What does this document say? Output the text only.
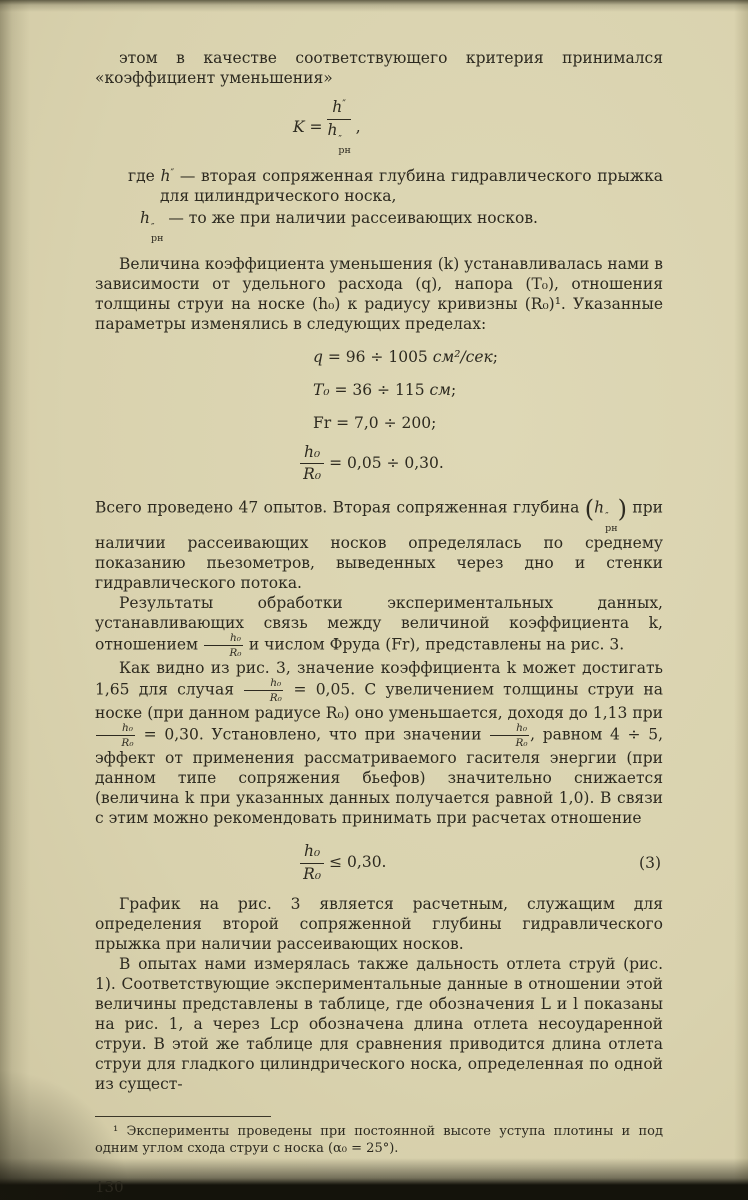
этом в качестве соответствующего критерия принимался «коэффициент уменьшения»

K = h″
h
″
рн ,

где h″ — вторая сопряженная глубина гидравлического прыжка для цилиндрического носка,

h
″
рн
— то же при наличии рассеивающих носков.

Величина коэффициента уменьшения (k) устанавливалась нами в зависимости от удельного расхода (q), напора (T₀), отношения толщины струи на носке (h₀) к радиусу кривизны (R₀)¹. Указанные параметры изменялись в следующих пределах:

q = 96 ÷ 1005 см²/сек;
T₀ = 36 ÷ 115 см;
Fr = 7,0 ÷ 200;
$\frac{\text{h₀}}{\text{R₀}} = 0,05 \div 0,30$.

Всего проведено 47 опытов. Вторая сопряженная глубина (h
″
рн
) при наличии рассеивающих носков определялась по среднему показанию пьезометров, выведенных через дно и стенки гидравлического потока.

Результаты обработки экспериментальных данных, устанавливающих связь между величиной коэффициента k, отношением $\frac{\text{h₀}}{\text{R₀}}$ и числом Фруда (Fr), представлены на рис. 3.

Как видно из рис. 3, значение коэффициента k может достигать 1,65 для случая $\frac{\text{h₀}}{\text{R₀}} = 0,05$. С увеличением толщины струи на носке (при данном радиусе R₀) оно уменьшается, доходя до 1,13 при
$\frac{\text{h₀}}{\text{R₀}} = 0,30$. Установлено, что при значении $\frac{\text{h₀}}{\text{R₀}}$ , равном 4 ÷ 5, эффект от применения рассматриваемого гасителя энергии (при данном типе сопряжения бьефов) значительно снижается (величина k при указанных данных получается равной 1,0). В связи с этим можно рекомендовать принимать при расчетах отношение

$\frac{\text{h₀}}{\text{R₀}} \le 0,30$.	(3)

График на рис. 3 является расчетным, служащим для определения второй сопряженной глубины гидравлического прыжка при наличии рассеивающих носков.

В опытах нами измерялась также дальность отлета струй (рис. 1). Соответствующие экспериментальные данные в отношении этой величины представлены в таблице, где обозначения L и l показаны на рис. 1, а через Lср обозначена длина отлета несоударенной струи. В этой же таблице для сравнения приводится длина отлета струи для гладкого цилиндрического носка, определенная по одной из сущест-

¹ Эксперименты проведены при постоянной высоте уступа плотины и под одним углом схода струи с носка (α₀ = 25°).

130
